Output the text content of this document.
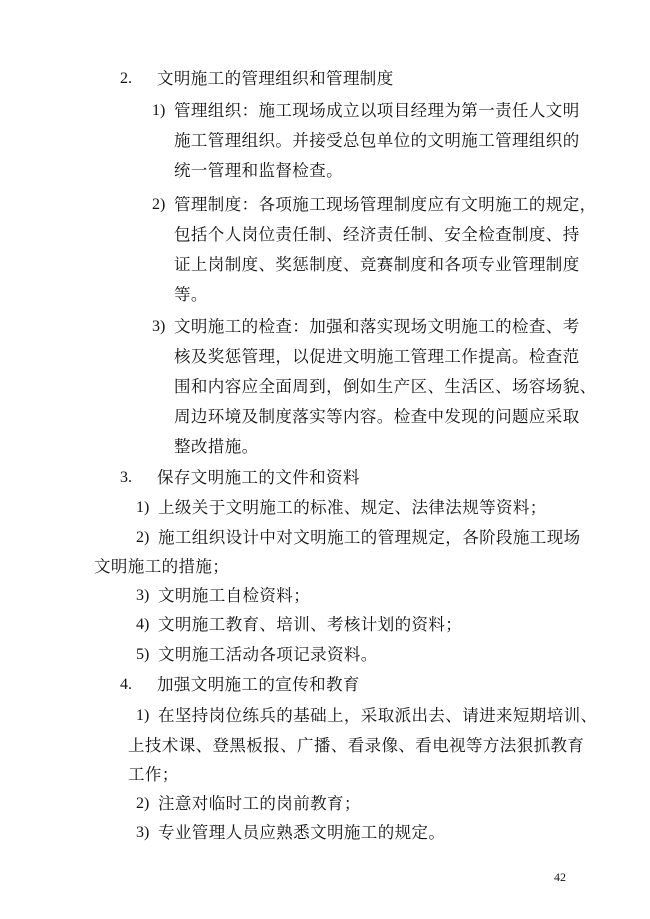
2. 文明施工的管理组织和管理制度
1) 管理组织：施工现场成立以项目经理为第一责任人文明
施工管理组织。并接受总包单位的文明施工管理组织的
统一管理和监督检查。
2) 管理制度：各项施工现场管理制度应有文明施工的规定，
包括个人岗位责任制、经济责任制、安全检查制度、持
证上岗制度、奖惩制度、竞赛制度和各项专业管理制度
等。
3) 文明施工的检查：加强和落实现场文明施工的检查、考
核及奖惩管理，以促进文明施工管理工作提高。检查范
围和内容应全面周到，倒如生产区、生活区、场容场貌、
周边环境及制度落实等内容。检查中发现的问题应采取
整改措施。
3. 保存文明施工的文件和资料
1) 上级关于文明施工的标准、规定、法律法规等资料；
2) 施工组织设计中对文明施工的管理规定，各阶段施工现场
文明施工的措施；
3) 文明施工自检资料；
4) 文明施工教育、培训、考核计划的资料；
5) 文明施工活动各项记录资料。
4. 加强文明施工的宣传和教育
1) 在坚持岗位练兵的基础上，采取派出去、请进来短期培训、
上技术课、登黑板报、广播、看录像、看电视等方法狠抓教育
工作；
2) 注意对临时工的岗前教育；
3) 专业管理人员应熟悉文明施工的规定。
42
